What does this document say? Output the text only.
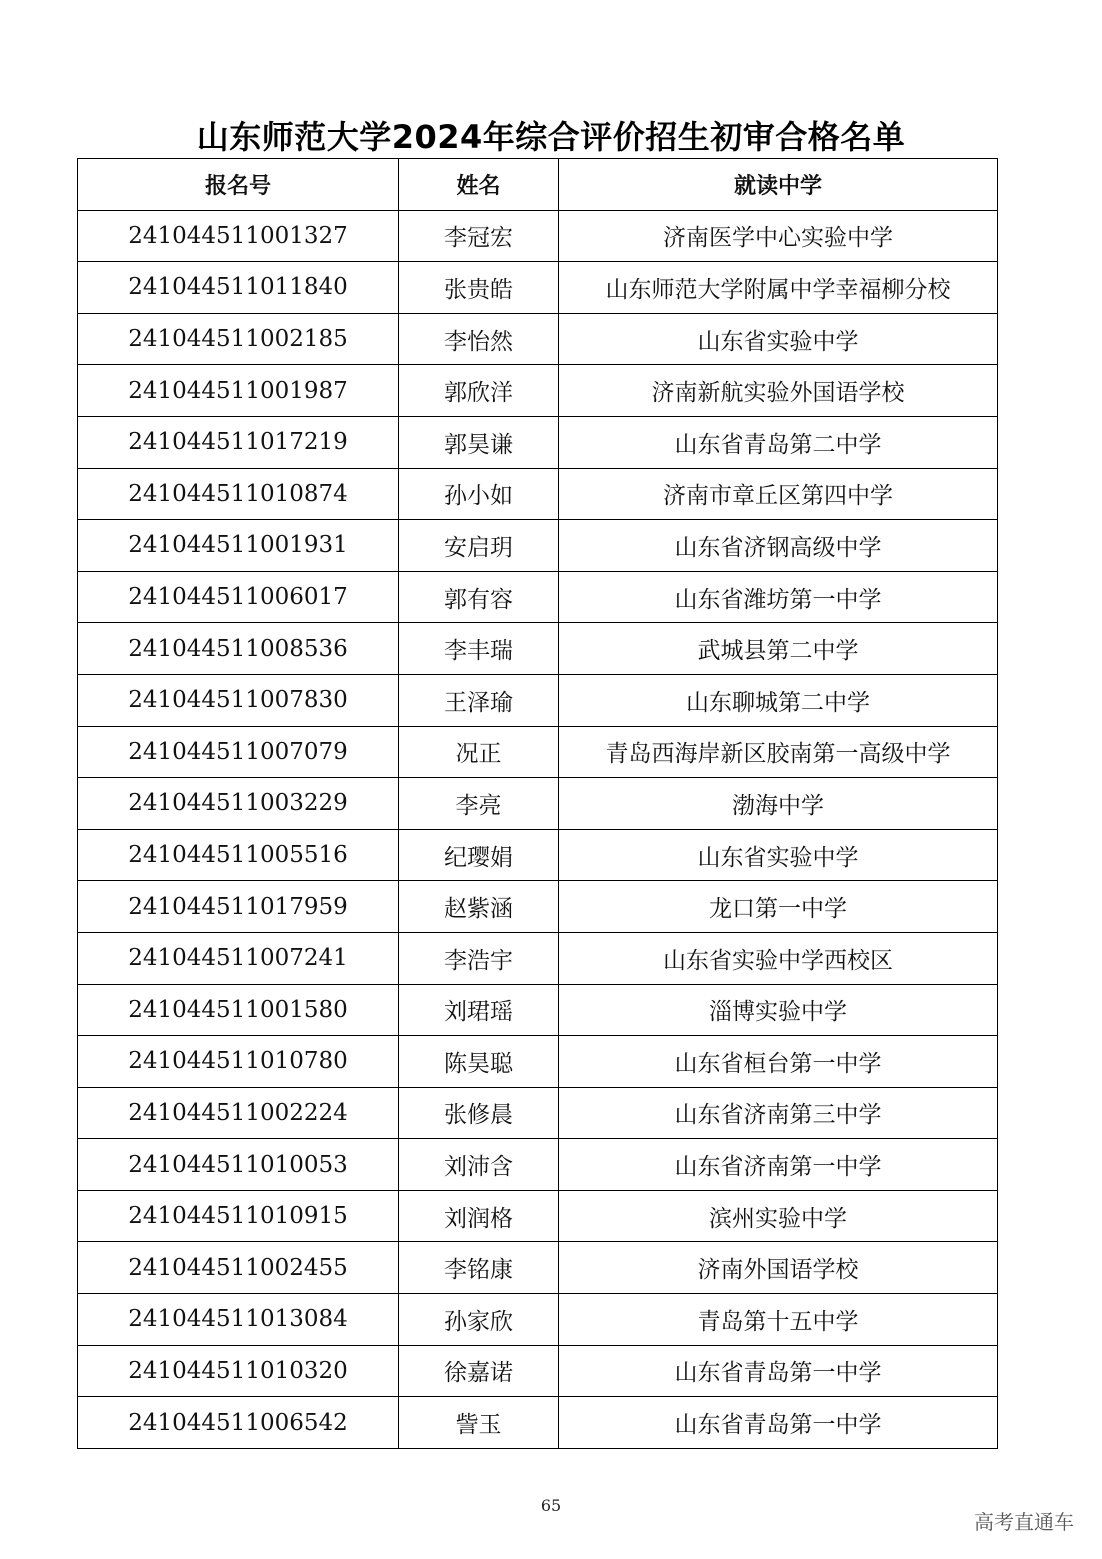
山东师范大学2024年综合评价招生初审合格名单
报名号	姓名	就读中学
241044511001327	李冠宏	济南医学中心实验中学
241044511011840	张贵皓	山东师范大学附属中学幸福柳分校
241044511002185	李怡然	山东省实验中学
241044511001987	郭欣洋	济南新航实验外国语学校
241044511017219	郭昊谦	山东省青岛第二中学
241044511010874	孙小如	济南市章丘区第四中学
241044511001931	安启玥	山东省济钢高级中学
241044511006017	郭有容	山东省潍坊第一中学
241044511008536	李丰瑞	武城县第二中学
241044511007830	王泽瑜	山东聊城第二中学
241044511007079	况正	青岛西海岸新区胶南第一高级中学
241044511003229	李亮	渤海中学
241044511005516	纪璎娟	山东省实验中学
241044511017959	赵紫涵	龙口第一中学
241044511007241	李浩宇	山东省实验中学西校区
241044511001580	刘珺瑶	淄博实验中学
241044511010780	陈昊聪	山东省桓台第一中学
241044511002224	张修晨	山东省济南第三中学
241044511010053	刘沛含	山东省济南第一中学
241044511010915	刘润格	滨州实验中学
241044511002455	李铭康	济南外国语学校
241044511013084	孙家欣	青岛第十五中学
241044511010320	徐嘉诺	山东省青岛第一中学
241044511006542	訾玉	山东省青岛第一中学
65
高考直通车
